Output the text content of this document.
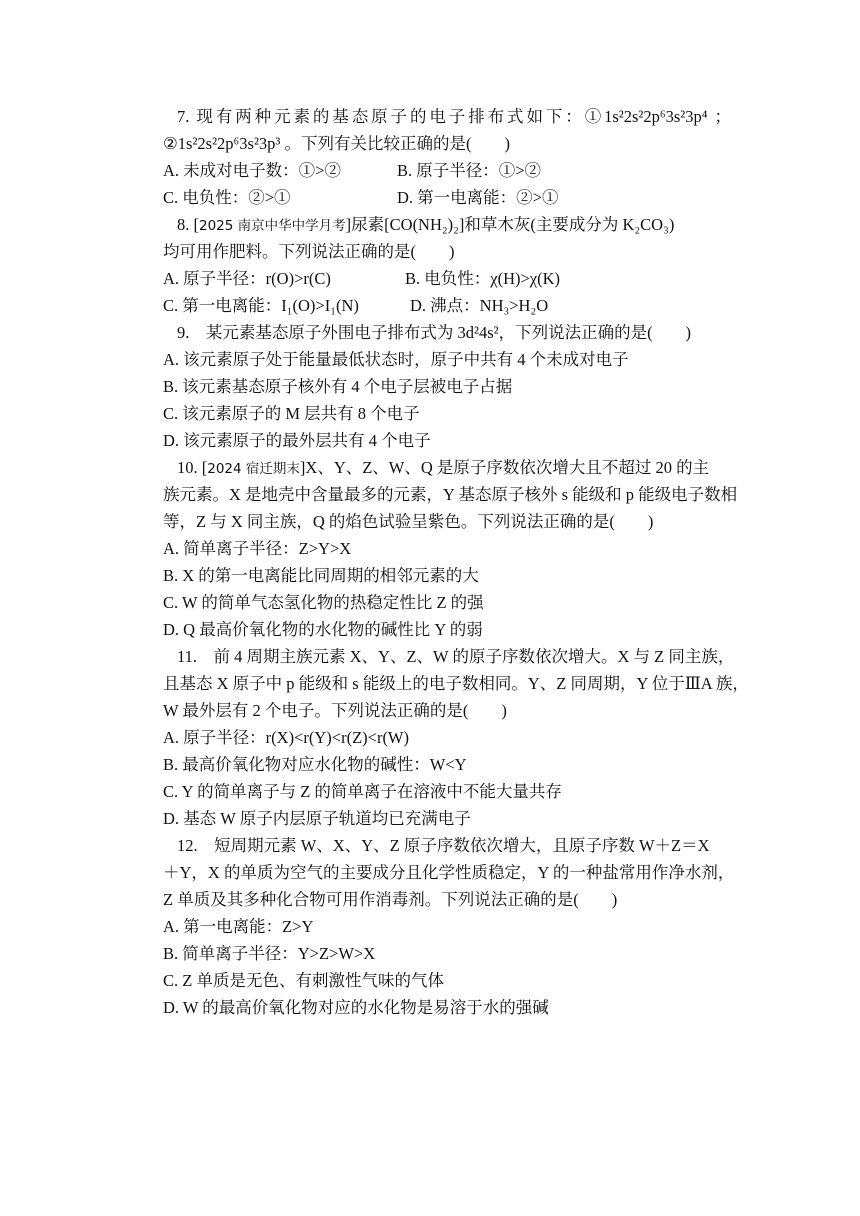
7. 现有两种元素的基态原子的电子排布式如下：①1s²2s²2p⁶3s²3p⁴ ；
②1s²2s²2p⁶3s²3p³ 。下列有关比较正确的是(　　)
A. 未成对电子数：①>②	B. 原子半径：①>②
C. 电负性：②>①	D. 第一电离能：②>①
8. [2025 南京中华中学月考]尿素[CO(NH₂)₂]和草木灰(主要成分为 K₂CO₃)
均可用作肥料。下列说法正确的是(　　)
A. 原子半径：r(O)>r(C)	B. 电负性：χ(H)>χ(K)
C. 第一电离能：I₁(O)>I₁(N)	D. 沸点：NH₃>H₂O
9.　某元素基态原子外围电子排布式为 3d²4s²，下列说法正确的是(　　)
A. 该元素原子处于能量最低状态时，原子中共有 4 个未成对电子
B. 该元素基态原子核外有 4 个电子层被电子占据
C. 该元素原子的 M 层共有 8 个电子
D. 该元素原子的最外层共有 4 个电子
10. [2024 宿迁期末]X、Y、Z、W、Q 是原子序数依次增大且不超过 20 的主
族元素。X 是地壳中含量最多的元素，Y 基态原子核外 s 能级和 p 能级电子数相
等，Z 与 X 同主族，Q 的焰色试验呈紫色。下列说法正确的是(　　)
A. 简单离子半径：Z>Y>X
B. X 的第一电离能比同周期的相邻元素的大
C. W 的简单气态氢化物的热稳定性比 Z 的强
D. Q 最高价氧化物的水化物的碱性比 Y 的弱
11.　前 4 周期主族元素 X、Y、Z、W 的原子序数依次增大。X 与 Z 同主族，
且基态 X 原子中 p 能级和 s 能级上的电子数相同。Y、Z 同周期，Y 位于ⅢA 族，
W 最外层有 2 个电子。下列说法正确的是(　　)
A. 原子半径：r(X)<r(Y)<r(Z)<r(W)
B. 最高价氧化物对应水化物的碱性：W<Y
C. Y 的简单离子与 Z 的简单离子在溶液中不能大量共存
D. 基态 W 原子内层原子轨道均已充满电子
12.　短周期元素 W、X、Y、Z 原子序数依次增大，且原子序数 W＋Z＝X
＋Y，X 的单质为空气的主要成分且化学性质稳定，Y 的一种盐常用作净水剂，
Z 单质及其多种化合物可用作消毒剂。下列说法正确的是(　　)
A. 第一电离能：Z>Y
B. 简单离子半径：Y>Z>W>X
C. Z 单质是无色、有刺激性气味的气体
D. W 的最高价氧化物对应的水化物是易溶于水的强碱
